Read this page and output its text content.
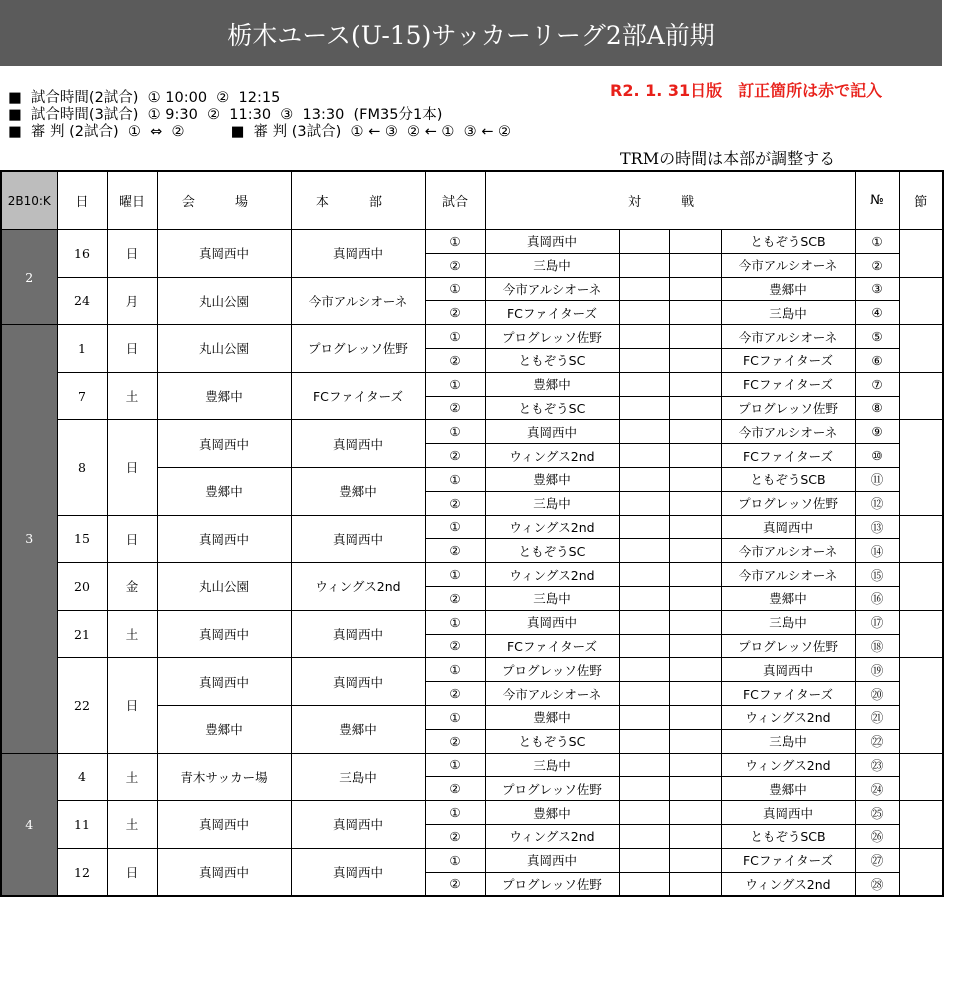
栃木ユース(U-15)サッカーリーグ2部A前期
R2. 1. 31日版　訂正箇所は赤で記入
■  試合時間(2試合)  ① 10:00  ②  12:15
■  試合時間(3試合)  ① 9:30  ②  11:30  ③  13:30  (FM35分1本)
■  審 判 (2試合)  ①  ⇔  ②          ■  審 判 (3試合)  ① ← ③  ② ← ①  ③ ← ②
TRMの時間は本部が調整する
2B10:K	日	曜日	会 場	本 部	試合	対 戦				№	節
2	16	日	真岡西中	真岡西中	①	真岡西中			ともぞうSCB	①	
					②	三島中			今市アルシオーネ	②	
	24	月	丸山公園	今市アルシオーネ	①	今市アルシオーネ			豊郷中	③	
					②	FCファイターズ			三島中	④	
3	1	日	丸山公園	プログレッソ佐野	①	プログレッソ佐野			今市アルシオーネ	⑤	
					②	ともぞうSC			FCファイターズ	⑥	
	7	土	豊郷中	FCファイターズ	①	豊郷中			FCファイターズ	⑦	
					②	ともぞうSC			プログレッソ佐野	⑧	
	8	日	真岡西中	真岡西中	①	真岡西中			今市アルシオーネ	⑨	
					②	ウィングス2nd			FCファイターズ	⑩	
			豊郷中	豊郷中	①	豊郷中			ともぞうSCB	⑪	
					②	三島中			プログレッソ佐野	⑫	
	15	日	真岡西中	真岡西中	①	ウィングス2nd			真岡西中	⑬	
					②	ともぞうSC			今市アルシオーネ	⑭	
	20	金	丸山公園	ウィングス2nd	①	ウィングス2nd			今市アルシオーネ	⑮	
					②	三島中			豊郷中	⑯	
	21	土	真岡西中	真岡西中	①	真岡西中			三島中	⑰	
					②	FCファイターズ			プログレッソ佐野	⑱	
	22	日	真岡西中	真岡西中	①	プログレッソ佐野			真岡西中	⑲	
					②	今市アルシオーネ			FCファイターズ	⑳	
			豊郷中	豊郷中	①	豊郷中			ウィングス2nd	㉑	
					②	ともぞうSC			三島中	㉒	
4	4	土	青木サッカー場	三島中	①	三島中			ウィングス2nd	㉓	
					②	プログレッソ佐野			豊郷中	㉔	
	11	土	真岡西中	真岡西中	①	豊郷中			真岡西中	㉕	
					②	ウィングス2nd			ともぞうSCB	㉖	
	12	日	真岡西中	真岡西中	①	真岡西中			FCファイターズ	㉗	
					②	プログレッソ佐野			ウィングス2nd	㉘	
